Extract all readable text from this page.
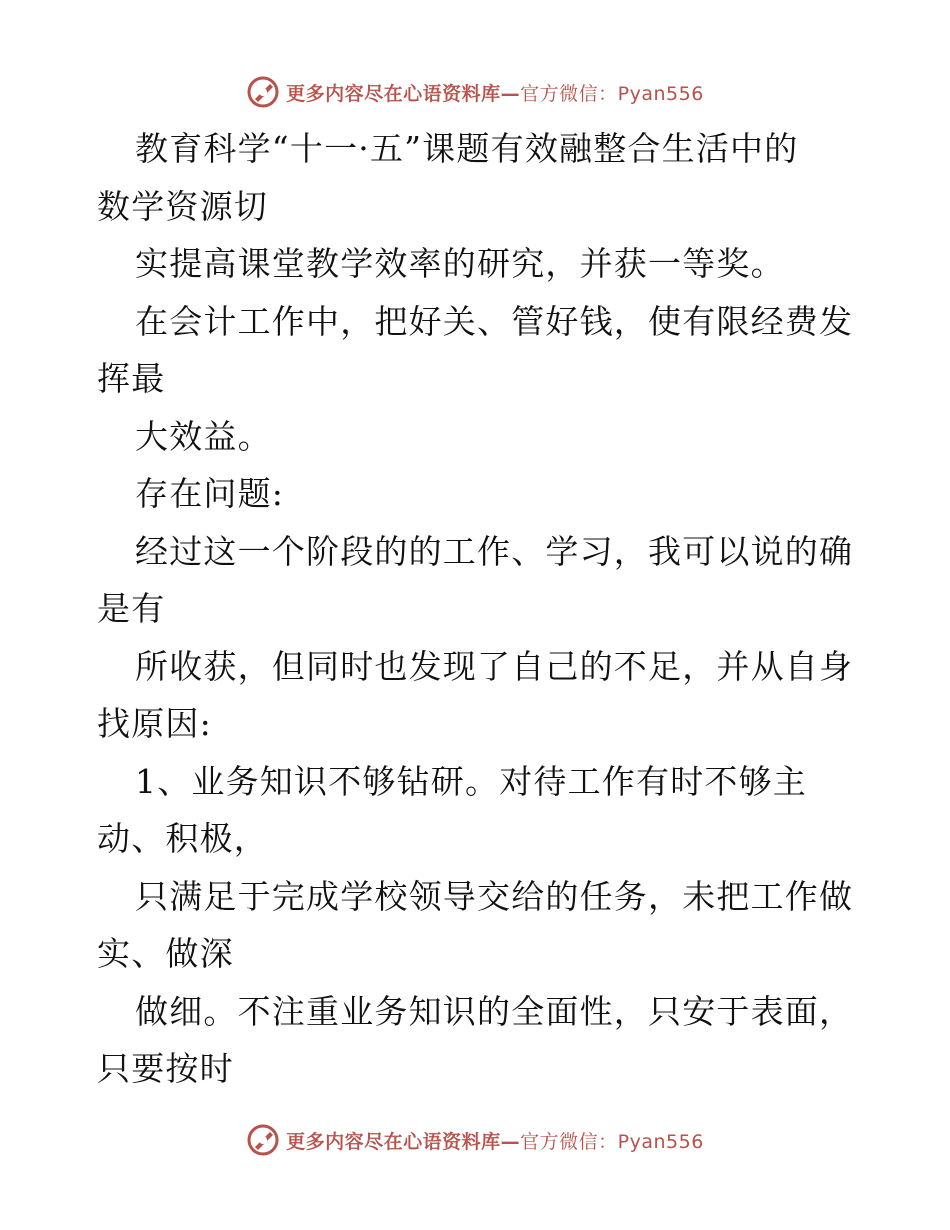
更多内容尽在心语资料库—官方微信：Pyan556
教育科学“十一·五”课题有效融整合生活中的
数学资源切
实提高课堂教学效率的研究，并获一等奖。
在会计工作中，把好关、管好钱，使有限经费发
挥最
大效益。
存在问题:
经过这一个阶段的的工作、学习，我可以说的确
是有
所收获，但同时也发现了自己的不足，并从自身
找原因:
1、业务知识不够钻研。对待工作有时不够主
动、积极，
只满足于完成学校领导交给的任务，未把工作做
实、做深
做细。不注重业务知识的全面性，只安于表面，
只要按时
更多内容尽在心语资料库—官方微信：Pyan556
